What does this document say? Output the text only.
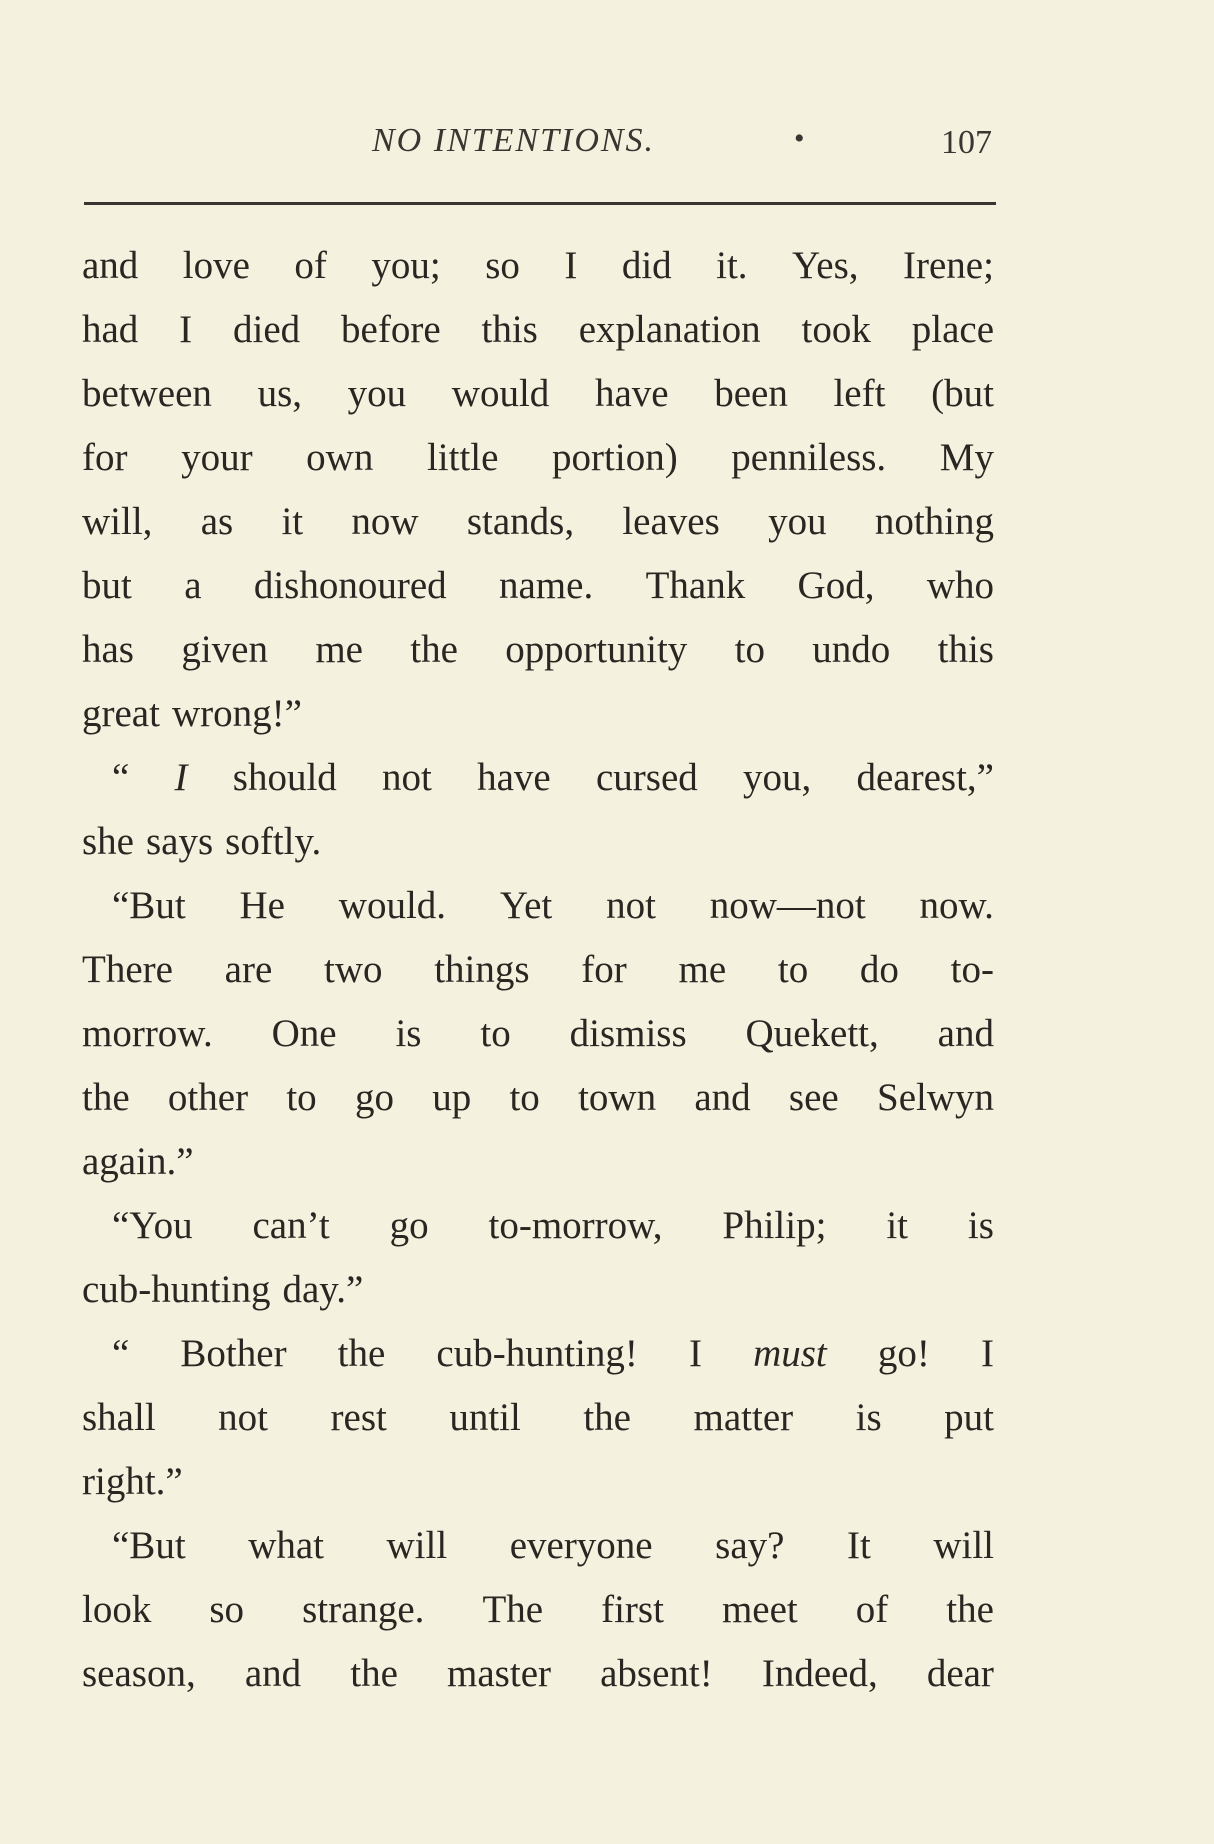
NO INTENTIONS.	•	107
and love of you; so I did it. Yes, Irene;
had I died before this explanation took place
between us, you would have been left (but
for your own little portion) penniless. My
will, as it now stands, leaves you nothing
but a dishonoured name. Thank God, who
has given me the opportunity to undo this
great wrong!”
“ I should not have cursed you, dearest,”
she says softly.
“But He would. Yet not now—not now.
There are two things for me to do to-
morrow. One is to dismiss Quekett, and
the other to go up to town and see Selwyn
again.”
“You can’t go to-morrow, Philip; it is
cub-hunting day.”
“ Bother the cub-hunting! I must go! I
shall not rest until the matter is put
right.”
“But what will everyone say? It will
look so strange. The first meet of the
season, and the master absent! Indeed, dear
